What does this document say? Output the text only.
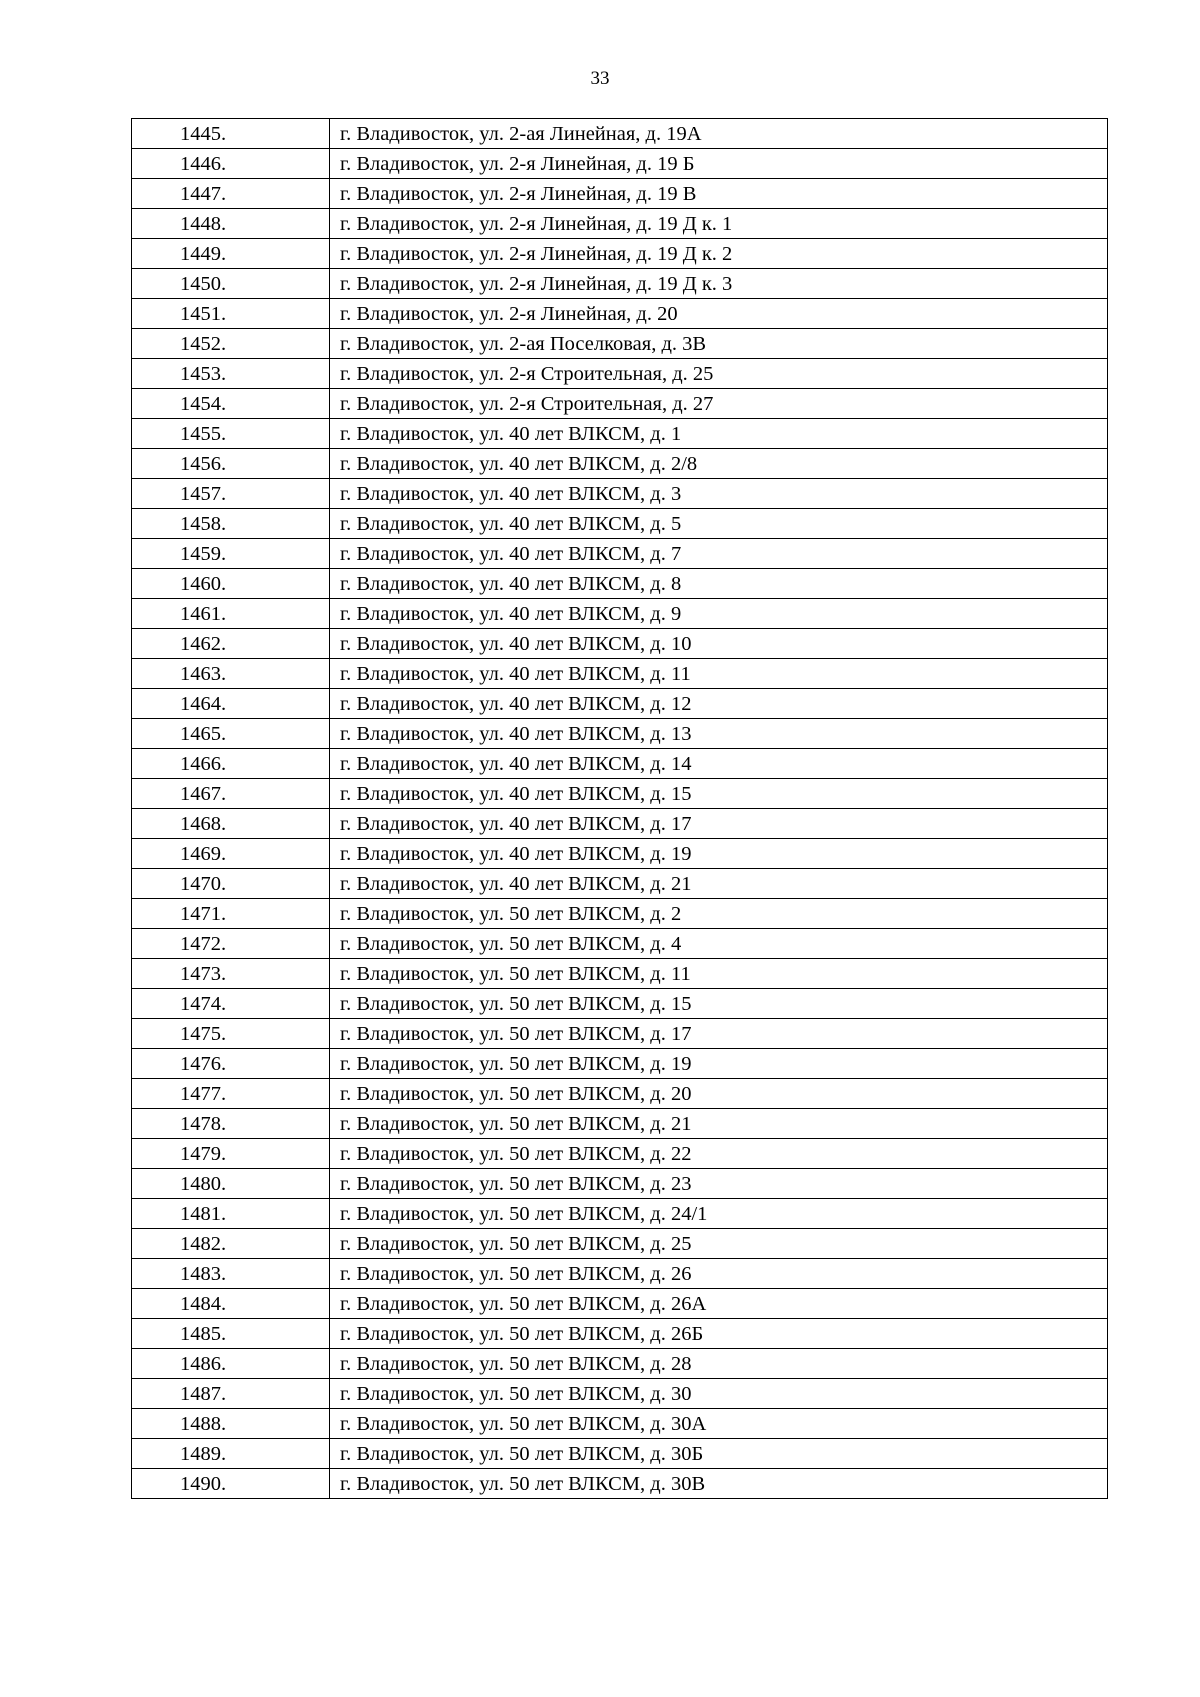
33
1445.	г. Владивосток, ул. 2-ая Линейная, д. 19А
1446.	г. Владивосток, ул. 2-я Линейная, д. 19 Б
1447.	г. Владивосток, ул. 2-я Линейная, д. 19 В
1448.	г. Владивосток, ул. 2-я Линейная, д. 19 Д к. 1
1449.	г. Владивосток, ул. 2-я Линейная, д. 19 Д к. 2
1450.	г. Владивосток, ул. 2-я Линейная, д. 19 Д к. 3
1451.	г. Владивосток, ул. 2-я Линейная, д. 20
1452.	г. Владивосток, ул. 2-ая Поселковая, д. 3В
1453.	г. Владивосток, ул. 2-я Строительная, д. 25
1454.	г. Владивосток, ул. 2-я Строительная, д. 27
1455.	г. Владивосток, ул. 40 лет ВЛКСМ, д. 1
1456.	г. Владивосток, ул. 40 лет ВЛКСМ, д. 2/8
1457.	г. Владивосток, ул. 40 лет ВЛКСМ, д. 3
1458.	г. Владивосток, ул. 40 лет ВЛКСМ, д. 5
1459.	г. Владивосток, ул. 40 лет ВЛКСМ, д. 7
1460.	г. Владивосток, ул. 40 лет ВЛКСМ, д. 8
1461.	г. Владивосток, ул. 40 лет ВЛКСМ, д. 9
1462.	г. Владивосток, ул. 40 лет ВЛКСМ, д. 10
1463.	г. Владивосток, ул. 40 лет ВЛКСМ, д. 11
1464.	г. Владивосток, ул. 40 лет ВЛКСМ, д. 12
1465.	г. Владивосток, ул. 40 лет ВЛКСМ, д. 13
1466.	г. Владивосток, ул. 40 лет ВЛКСМ, д. 14
1467.	г. Владивосток, ул. 40 лет ВЛКСМ, д. 15
1468.	г. Владивосток, ул. 40 лет ВЛКСМ, д. 17
1469.	г. Владивосток, ул. 40 лет ВЛКСМ, д. 19
1470.	г. Владивосток, ул. 40 лет ВЛКСМ, д. 21
1471.	г. Владивосток, ул. 50 лет ВЛКСМ, д. 2
1472.	г. Владивосток, ул. 50 лет ВЛКСМ, д. 4
1473.	г. Владивосток, ул. 50 лет ВЛКСМ, д. 11
1474.	г. Владивосток, ул. 50 лет ВЛКСМ, д. 15
1475.	г. Владивосток, ул. 50 лет ВЛКСМ, д. 17
1476.	г. Владивосток, ул. 50 лет ВЛКСМ, д. 19
1477.	г. Владивосток, ул. 50 лет ВЛКСМ, д. 20
1478.	г. Владивосток, ул. 50 лет ВЛКСМ, д. 21
1479.	г. Владивосток, ул. 50 лет ВЛКСМ, д. 22
1480.	г. Владивосток, ул. 50 лет ВЛКСМ, д. 23
1481.	г. Владивосток, ул. 50 лет ВЛКСМ, д. 24/1
1482.	г. Владивосток, ул. 50 лет ВЛКСМ, д. 25
1483.	г. Владивосток, ул. 50 лет ВЛКСМ, д. 26
1484.	г. Владивосток, ул. 50 лет ВЛКСМ, д. 26А
1485.	г. Владивосток, ул. 50 лет ВЛКСМ, д. 26Б
1486.	г. Владивосток, ул. 50 лет ВЛКСМ, д. 28
1487.	г. Владивосток, ул. 50 лет ВЛКСМ, д. 30
1488.	г. Владивосток, ул. 50 лет ВЛКСМ, д. 30А
1489.	г. Владивосток, ул. 50 лет ВЛКСМ, д. 30Б
1490.	г. Владивосток, ул. 50 лет ВЛКСМ, д. 30В
